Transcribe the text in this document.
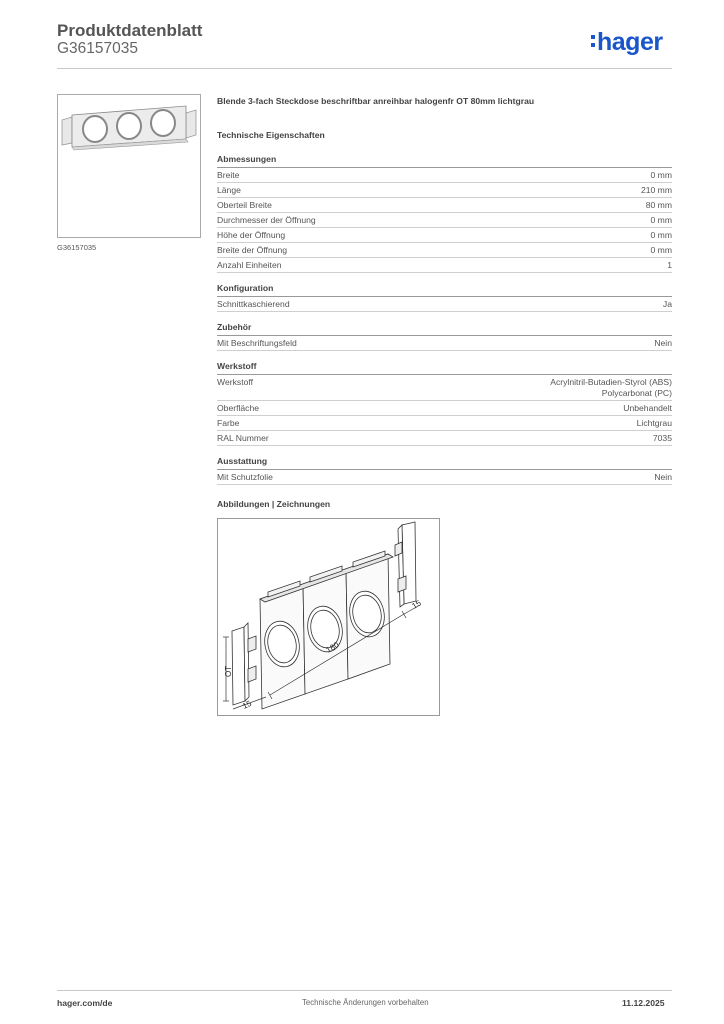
Produktdatenblatt
G36157035	hager
G36157035
Blende 3-fach Steckdose beschriftbar anreihbar halogenfr OT 80mm lichtgrau
Technische Eigenschaften
Abmessungen
Breite	0 mm
Länge	210 mm
Oberteil Breite	80 mm
Durchmesser der Öffnung	0 mm
Höhe der Öffnung	0 mm
Breite der Öffnung	0 mm
Anzahl Einheiten	1
Konfiguration
Schnittkaschierend	Ja
Zubehör
Mit Beschriftungsfeld	Nein
Werkstoff
Werkstoff	Acrylnitril-Butadien-Styrol (ABS)
Polycarbonat (PC)
Oberfläche	Unbehandelt
Farbe	Lichtgrau
RAL Nummer	7035
Ausstattung
Mit Schutzfolie	Nein
Abbildungen | Zeichnungen
180
15
15
OT
hager.com/de	Technische Änderungen vorbehalten	11.12.2025
